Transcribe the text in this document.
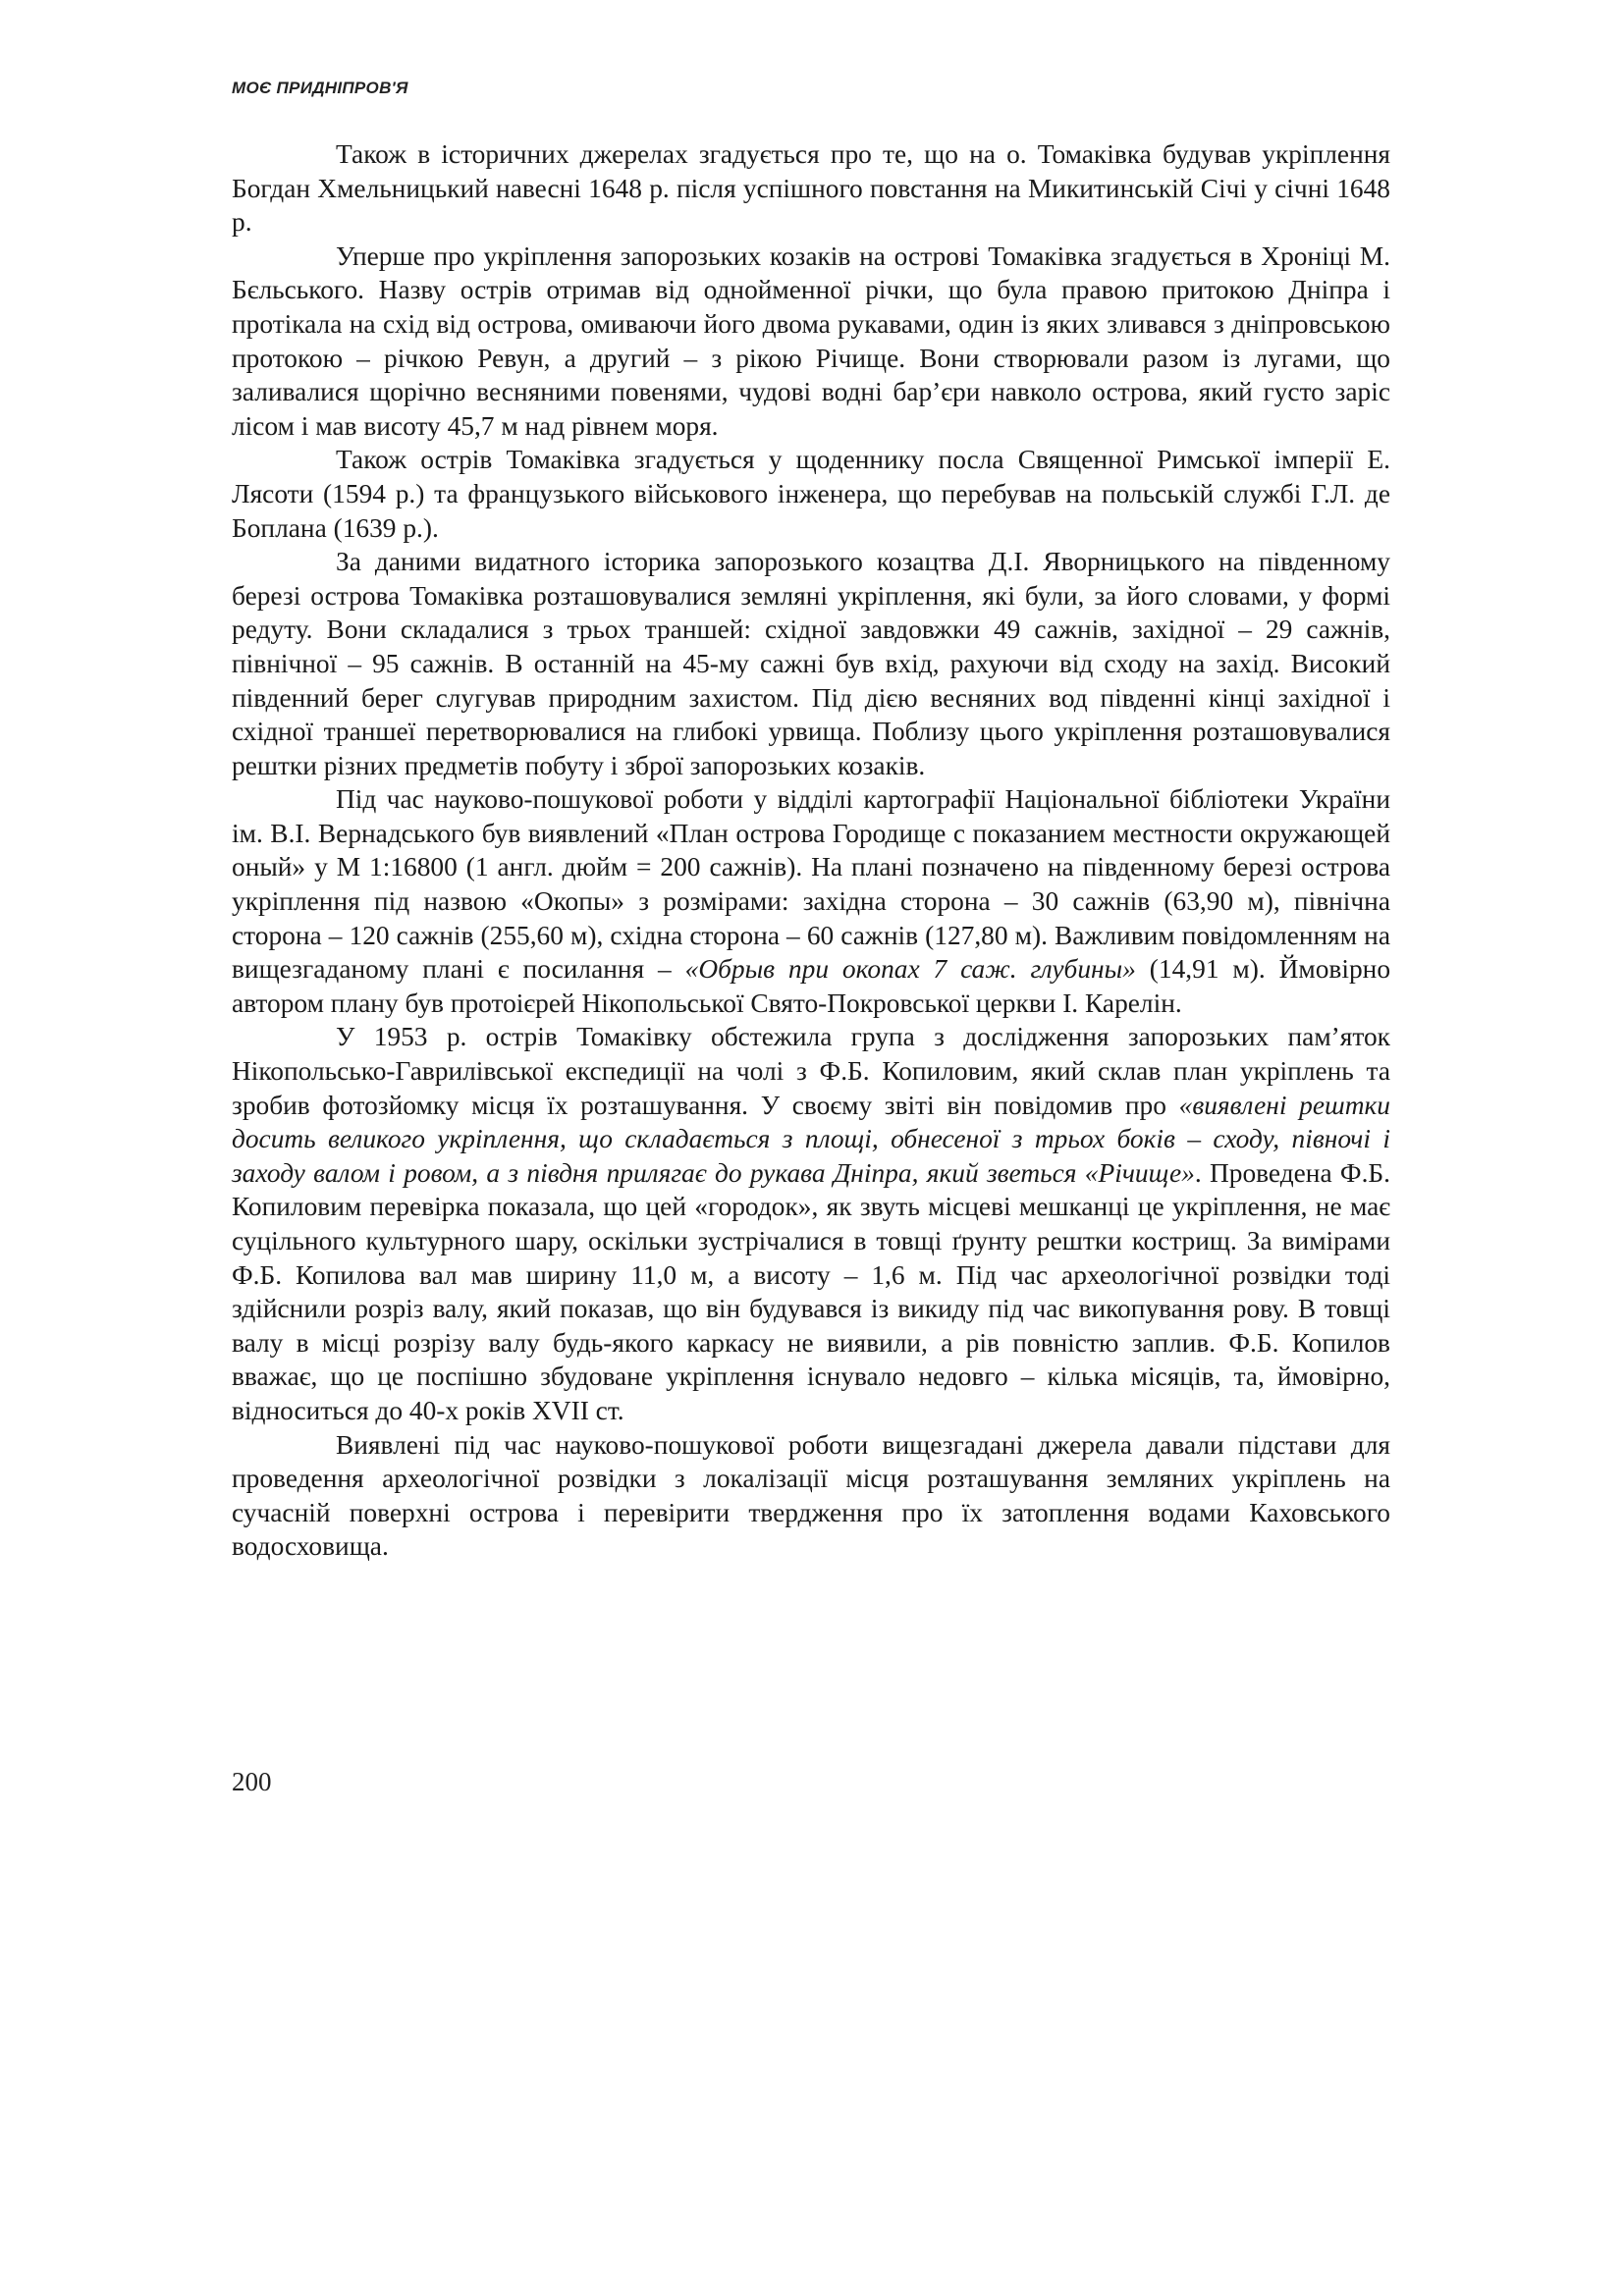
МОЄ ПРИДНІПРОВ'Я

Також в історичних джерелах згадується про те, що на о. Томаківка будував укріплення Богдан Хмельницький навесні 1648 р. після успішного повстання на Микитинській Січі у січні 1648 р.

Уперше про укріплення запорозьких козаків на острові Томаківка згадується в Хроніці М. Бєльського. Назву острів отримав від однойменної річки, що була правою притокою Дніпра і протікала на схід від острова, омиваючи його двома рукавами, один із яких зливався з дніпровською протокою – річкою Ревун, а другий – з рікою Річище. Вони створювали разом із лугами, що заливалися щорічно весняними повенями, чудові водні бар’єри навколо острова, який густо заріс лісом і мав висоту 45,7 м над рівнем моря.

Також острів Томаківка згадується у щоденнику посла Священної Римської імперії Е. Лясоти (1594 р.) та французького військового інженера, що перебував на польській службі Г.Л. де Боплана (1639 р.).

За даними видатного історика запорозького козацтва Д.І. Яворницького на південному березі острова Томаківка розташовувалися земляні укріплення, які були, за його словами, у формі редуту. Вони складалися з трьох траншей: східної завдовжки 49 сажнів, західної – 29 сажнів, північної – 95 сажнів. В останній на 45-му сажні був вхід, рахуючи від сходу на захід. Високий південний берег слугував природним захистом. Під дією весняних вод південні кінці західної і східної траншеї перетворювалися на глибокі урвища. Поблизу цього укріплення розташовувалися рештки різних предметів побуту і зброї запорозьких козаків.

Під час науково-пошукової роботи у відділі картографії Національної бібліотеки України ім. В.І. Вернадського був виявлений «План острова Городище с показанием местности окружающей оный» у М 1:16800 (1 англ. дюйм = 200 сажнів). На плані позначено на південному березі острова укріплення під назвою «Окопы» з розмірами: західна сторона – 30 сажнів (63,90 м), північна сторона – 120 сажнів (255,60 м), східна сторона – 60 сажнів (127,80 м). Важливим повідомленням на вищезгаданому плані є посилання – «Обрыв при окопах 7 саж. глубины» (14,91 м). Ймовірно автором плану був протоієрей Нікопольської Свято-Покровської церкви І. Карелін.

У 1953 р. острів Томаківку обстежила група з дослідження запорозьких пам’яток Нікопольсько-Гаврилівської експедиції на чолі з Ф.Б. Копиловим, який склав план укріплень та зробив фотозйомку місця їх розташування. У своєму звіті він повідомив про «виявлені рештки досить великого укріплення, що складається з площі, обнесеної з трьох боків – сходу, півночі і заходу валом і ровом, а з півдня прилягає до рукава Дніпра, який зветься «Річище». Проведена Ф.Б. Копиловим перевірка показала, що цей «городок», як звуть місцеві мешканці це укріплення, не має суцільного культурного шару, оскільки зустрічалися в товщі ґрунту рештки кострищ. За вимірами Ф.Б. Копилова вал мав ширину 11,0 м, а висоту – 1,6 м. Під час археологічної розвідки тоді здійснили розріз валу, який показав, що він будувався із викиду під час викопування рову. В товщі валу в місці розрізу валу будь-якого каркасу не виявили, а рів повністю заплив. Ф.Б. Копилов вважає, що це поспішно збудоване укріплення існувало недовго – кілька місяців, та, ймовірно, відноситься до 40-х років XVII ст.

Виявлені під час науково-пошукової роботи вищезгадані джерела давали підстави для проведення археологічної розвідки з локалізації місця розташування земляних укріплень на сучасній поверхні острова і перевірити твердження про їх затоплення водами Каховського водосховища.

200
